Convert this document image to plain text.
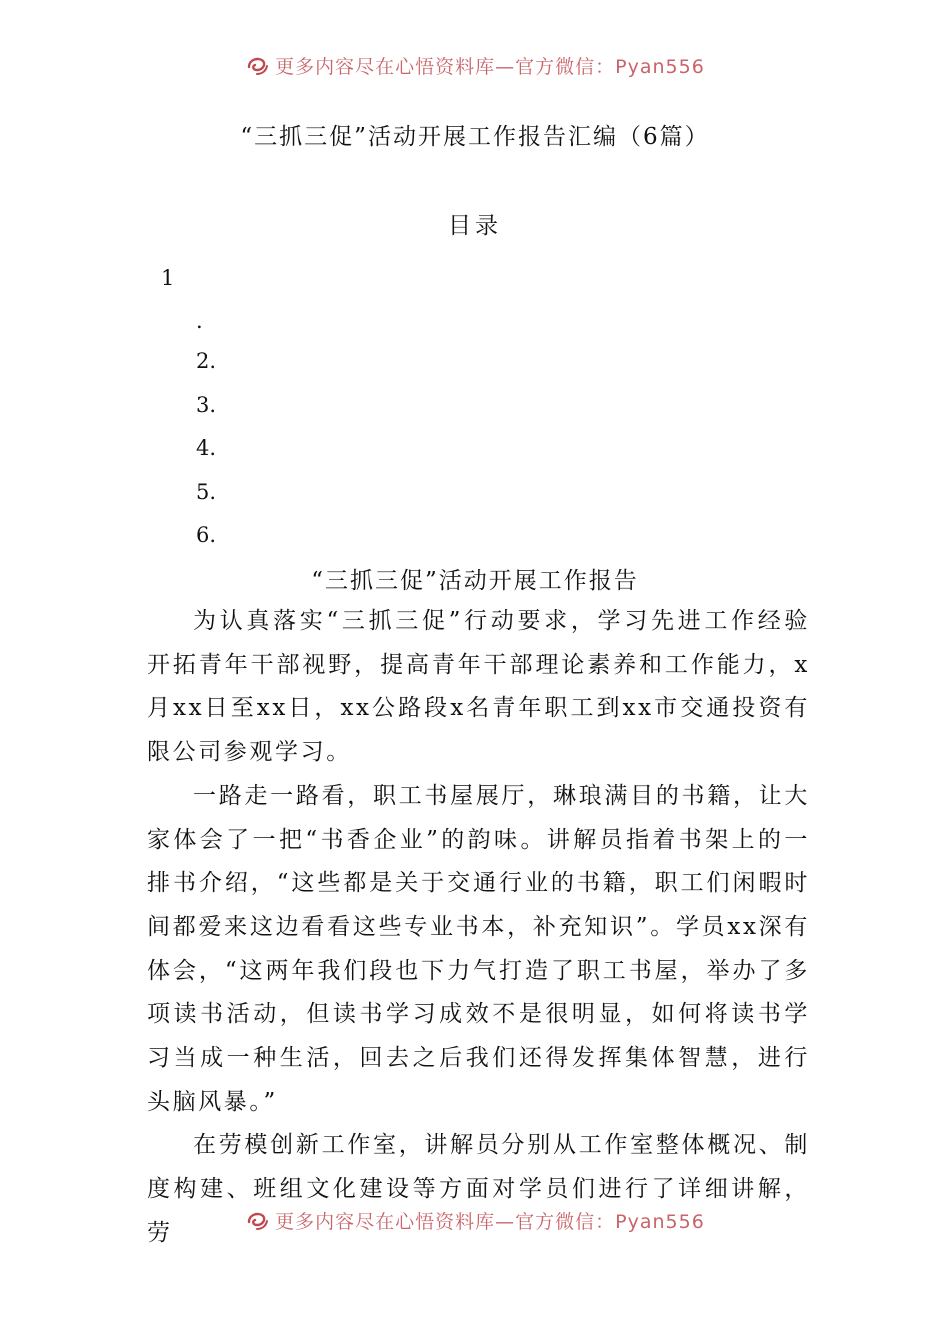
更多内容尽在心悟资料库—官方微信：Pyan556
“三抓三促”活动开展工作报告汇编（6篇）
目录
1
.
2.
3.
4.
5.
6.
“三抓三促”活动开展工作报告

为认真落实“三抓三促”行动要求，学习先进工作经验开拓青年干部视野，提高青年干部理论素养和工作能力，x月xx日至xx日，xx公路段x名青年职工到xx市交通投资有限公司参观学习。

一路走一路看，职工书屋展厅，琳琅满目的书籍，让大家体会了一把“书香企业”的韵味。讲解员指着书架上的一排书介绍，“这些都是关于交通行业的书籍，职工们闲暇时间都爱来这边看看这些专业书本，补充知识”。学员xx深有体会，“这两年我们段也下力气打造了职工书屋，举办了多项读书活动，但读书学习成效不是很明显，如何将读书学习当成一种生活，回去之后我们还得发挥集体智慧，进行头脑风暴。”

在劳模创新工作室，讲解员分别从工作室整体概况、制度构建、班组文化建设等方面对学员们进行了详细讲解，劳	更多内容尽在心悟资料库—官方微信：Pyan556
